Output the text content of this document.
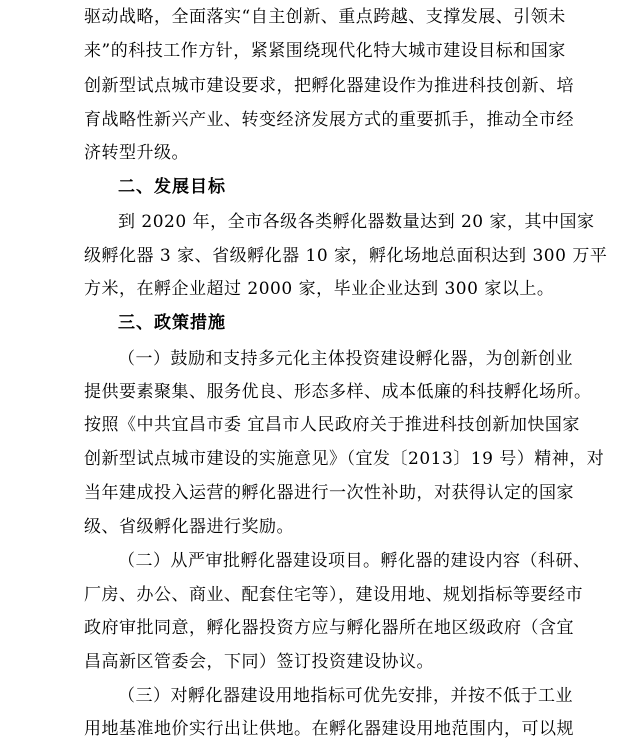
驱动战略，全面落实“自主创新、重点跨越、支撑发展、引领未
来”的科技工作方针，紧紧围绕现代化特大城市建设目标和国家
创新型试点城市建设要求，把孵化器建设作为推进科技创新、培
育战略性新兴产业、转变经济发展方式的重要抓手，推动全市经
济转型升级。
二、发展目标
到 2020 年，全市各级各类孵化器数量达到 20 家，其中国家
级孵化器 3 家、省级孵化器 10 家，孵化场地总面积达到 300 万平
方米，在孵企业超过 2000 家，毕业企业达到 300 家以上。
三、政策措施
（一）鼓励和支持多元化主体投资建设孵化器，为创新创业
提供要素聚集、服务优良、形态多样、成本低廉的科技孵化场所。
按照《中共宜昌市委 宜昌市人民政府关于推进科技创新加快国家
创新型试点城市建设的实施意见》（宜发〔2013〕19 号）精神，对
当年建成投入运营的孵化器进行一次性补助，对获得认定的国家
级、省级孵化器进行奖励。
（二）从严审批孵化器建设项目。孵化器的建设内容（科研、
厂房、办公、商业、配套住宅等），建设用地、规划指标等要经市
政府审批同意，孵化器投资方应与孵化器所在地区级政府（含宜
昌高新区管委会，下同）签订投资建设协议。
（三）对孵化器建设用地指标可优先安排，并按不低于工业
用地基准地价实行出让供地。在孵化器建设用地范围内，可以规
